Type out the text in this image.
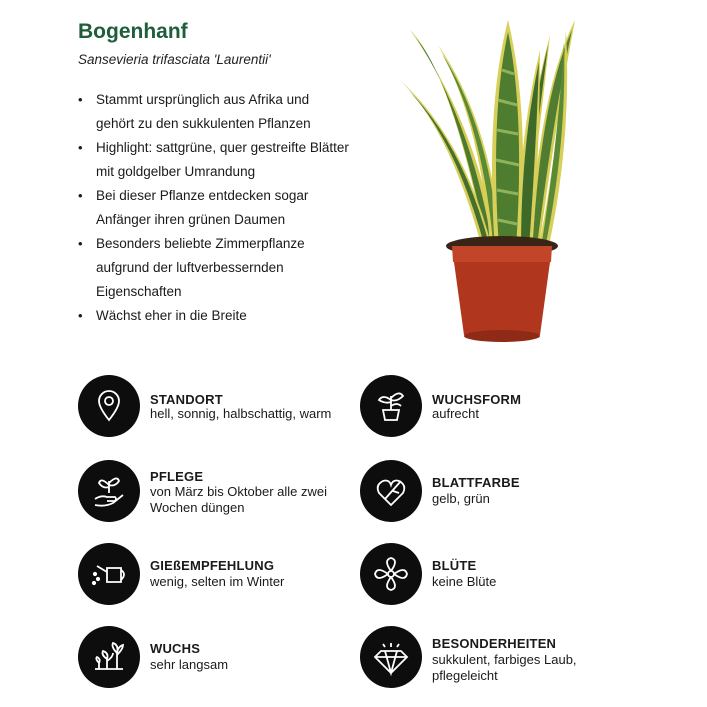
Bogenhanf
Sansevieria trifasciata 'Laurentii'
• Stammt ursprünglich aus Afrika und gehört zu den sukkulenten Pflanzen
• Highlight: sattgrüne, quer gestreifte Blätter mit goldgelber Umrandung
• Bei dieser Pflanze entdecken sogar Anfänger ihren grünen Daumen
• Besonders beliebte Zimmerpflanze aufgrund der luftverbessernden Eigenschaften
• Wächst eher in die Breite
STANDORT
hell, sonnig, halbschattig, warm
WUCHSFORM
aufrecht
PFLEGE
von März bis Oktober alle zwei Wochen düngen
BLATTFARBE
gelb, grün
GIEßEMPFEHLUNG
wenig, selten im Winter
BLÜTE
keine Blüte
WUCHS
sehr langsam
BESONDERHEITEN
sukkulent, farbiges Laub, pflegeleicht
